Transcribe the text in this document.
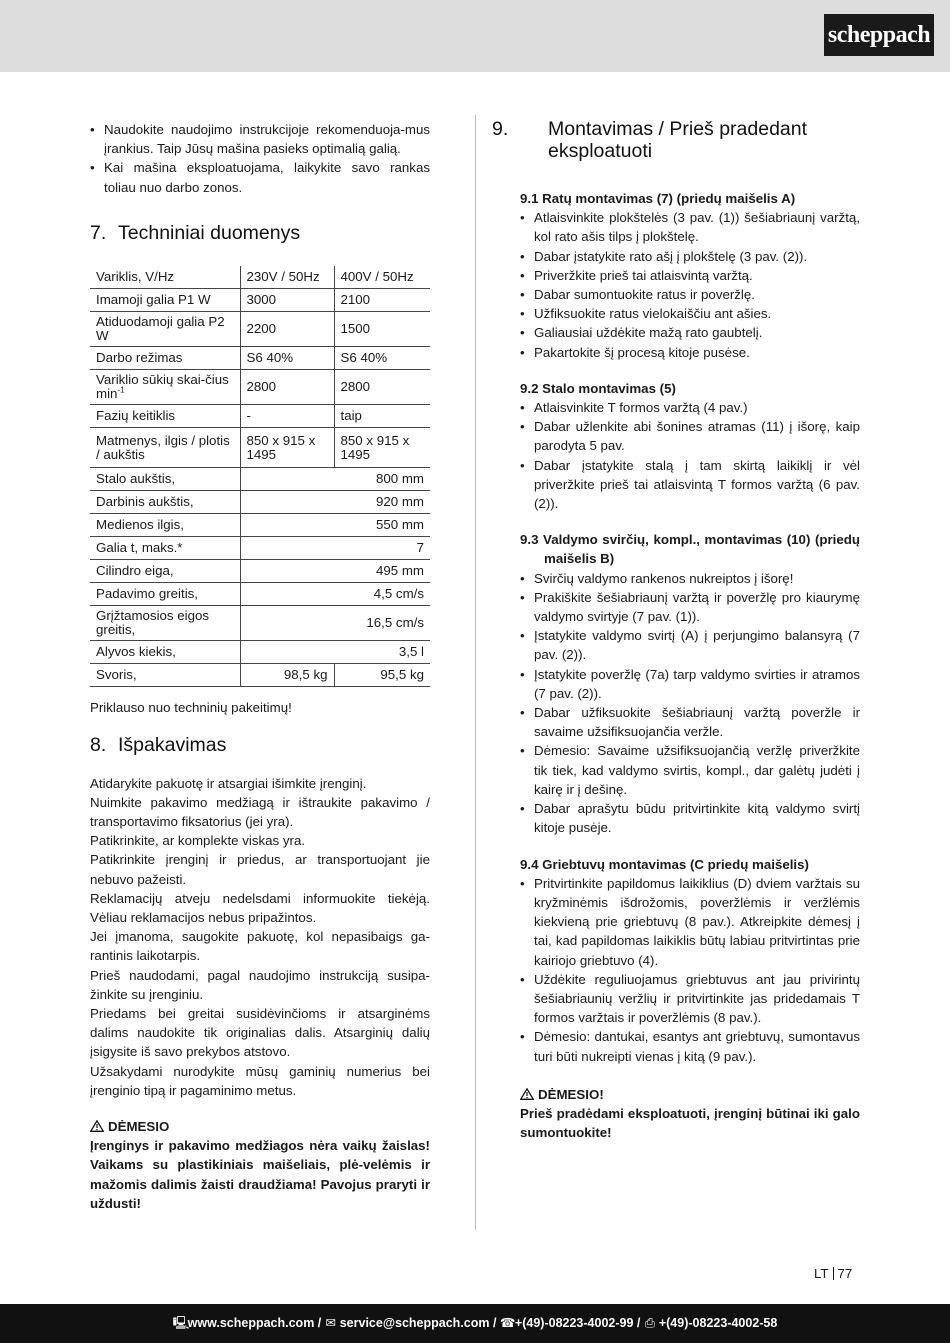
scheppach
• Naudokite naudojimo instrukcijoje rekomenduoja-mus įrankius. Taip Jūsų mašina pasieks optimalią galią.
• Kai mašina eksploatuojama, laikykite savo rankas toliau nuo darbo zonos.
7. Techniniai duomenys
Variklis, V/Hz	230V / 50Hz	400V / 50Hz
Imamoji galia P1 W	3000	2100
Atiduodamoji galia P2 W	2200	1500
Darbo režimas	S6 40%	S6 40%
Variklio sūkių skai-čius $\min^{-1}$	2800	2800
Fazių keitiklis	-	taip
Matmenys, ilgis / plotis / aukštis	850 x 915 x 1495	850 x 915 x 1495
Stalo aukštis,	800 mm	
Darbinis aukštis,	920 mm	
Medienos ilgis,	550 mm	
Galia t, maks.*	7	
Cilindro eiga,	495 mm	
Padavimo greitis,	4,5 cm/s	
Grįžtamosios eigos greitis,	16,5 cm/s	
Alyvos kiekis,	3,5 l	
Svoris,	98,5 kg	95,5 kg

Priklauso nuo techninių pakeitimų!

8. Išpakavimas

Atidarykite pakuotę ir atsargiai išimkite įrenginį.

Nuimkite pakavimo medžiagą ir ištraukite pakavimo / transportavimo fiksatorius (jei yra).

Patikrinkite, ar komplekte viskas yra.

Patikrinkite įrenginį ir priedus, ar transportuojant jie nebuvo pažeisti.

Reklamacijų atveju nedelsdami informuokite tiekėją. Vėliau reklamacijos nebus pripažintos.

Jei įmanoma, saugokite pakuotę, kol nepasibaigs ga-rantinis laikotarpis.

Prieš naudodami, pagal naudojimo instrukciją susipa-žinkite su įrenginiu.

Priedams bei greitai susidėvinčioms ir atsarginėms dalims naudokite tik originalias dalis. Atsarginių dalių įsigysite iš savo prekybos atstovo.

Užsakydami nurodykite mūsų gaminių numerius bei įrenginio tipą ir pagaminimo metus.

DĖMESIO

Įrenginys ir pakavimo medžiagos nėra vaikų žaislas! Vaikams su plastikiniais maišeliais, plė-velėmis ir mažomis dalimis žaisti draudžiama! Pavojus praryti ir uždusti!

9. Montavimas / Prieš pradedant eksploatuoti
9.1 Ratų montavimas (7) (priedų maišelis A)
• Atlaisvinkite plokštelės (3 pav. (1)) šešiabriaunį varžtą, kol rato ašis tilps į plokštelę.
• Dabar įstatykite rato ašį į plokštelę (3 pav. (2)).
• Priveržkite prieš tai atlaisvintą varžtą.
• Dabar sumontuokite ratus ir poveržlę.
• Užfiksuokite ratus vielokaiščiu ant ašies.
• Galiausiai uždėkite mažą rato gaubtelį.
• Pakartokite šį procesą kitoje pusėse.
9.2 Stalo montavimas (5)
• Atlaisvinkite T formos varžtą (4 pav.)
• Dabar užlenkite abi šonines atramas (11) į išorę, kaip parodyta 5 pav.
• Dabar įstatykite stalą į tam skirtą laikiklį ir vėl priveržkite prieš tai atlaisvintą T formos varžtą (6 pav. (2)).
9.3 Valdymo svirčių, kompl., montavimas (10) (priedų maišelis B)
• Svirčių valdymo rankenos nukreiptos į išorę!
• Prakiškite šešiabriaunį varžtą ir poveržlę pro kiaurymę valdymo svirtyje (7 pav. (1)).
• Įstatykite valdymo svirtį (A) į perjungimo balansyrą (7 pav. (2)).
• Įstatykite poveržlę (7a) tarp valdymo svirties ir atramos (7 pav. (2)).
• Dabar užfiksuokite šešiabriaunį varžtą poveržle ir savaime užsifiksuojančia veržle.
• Dėmesio: Savaime užsifiksuojančią veržlę priveržkite tik tiek, kad valdymo svirtis, kompl., dar galėtų judėti į kairę ir į dešinę.
• Dabar aprašytu būdu pritvirtinkite kitą valdymo svirtį kitoje pusėje.
9.4 Griebtuvų montavimas (C priedų maišelis)
• Pritvirtinkite papildomus laikiklius (D) dviem varžtais su kryžminėmis išdrožomis, poveržlėmis ir veržlėmis kiekvieną prie griebtuvų (8 pav.). Atkreipkite dėmesį į tai, kad papildomas laikiklis būtų labiau pritvirtintas prie kairiojo griebtuvo (4).
• Uždėkite reguliuojamus griebtuvus ant jau privirintų šešiabriaunių veržlių ir pritvirtinkite jas pridedamais T formos varžtais ir poveržlėmis (8 pav.).
• Dėmesio: dantukai, esantys ant griebtuvų, sumontavus turi būti nukreipti vienas į kitą (9 pav.).
DĖMESIO!

Prieš pradėdami eksploatuoti, įrenginį būtinai iki galo sumontuokite!

LT 77
🖳www.scheppach.com / ✉ service@scheppach.com / ☎+(49)-08223-4002-99 / ⎙ +(49)-08223-4002-58
